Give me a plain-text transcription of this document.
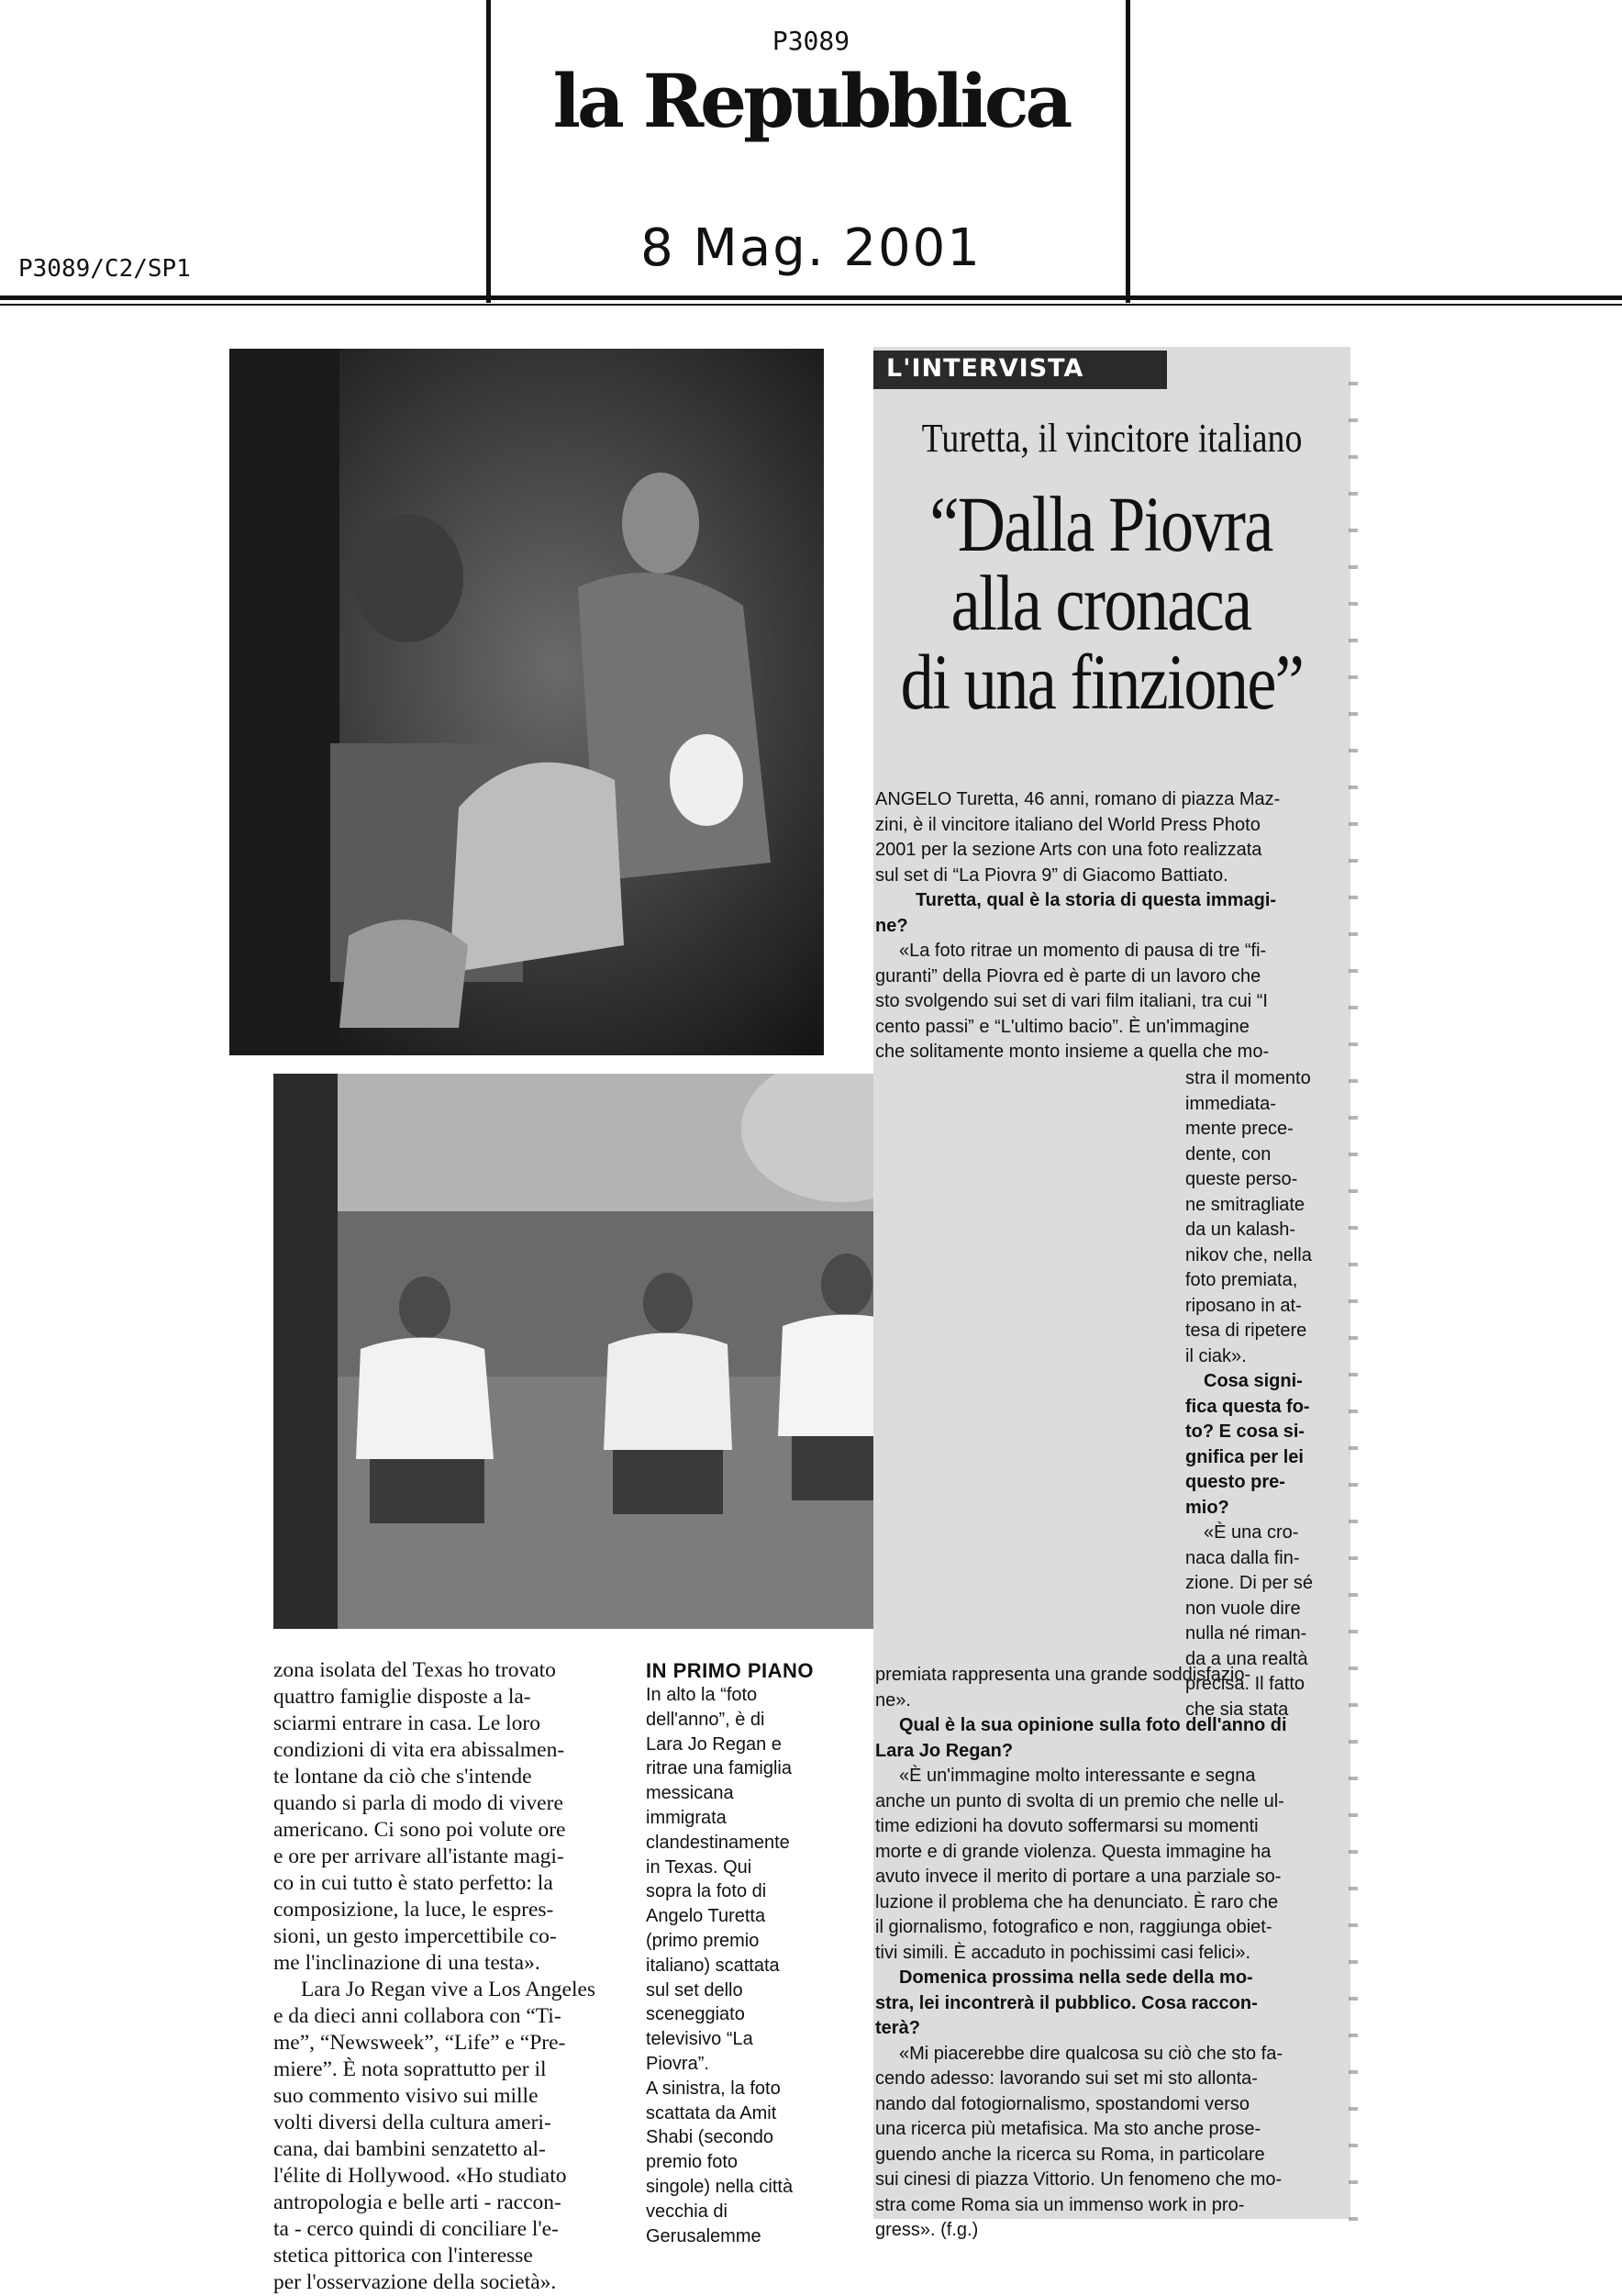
P3089
la Repubblica
P3089/C2/SP1	8 Mag. 2001
L'INTERVISTA
Turetta, il vincitore italiano
“Dalla Piovra
alla cronaca
di una finzione”
ANGELO Turetta, 46 anni, romano di piazza Maz-
zini, è il vincitore italiano del World Press Photo
2001 per la sezione Arts con una foto realizzata
sul set di “La Piovra 9” di Giacomo Battiato.
Turetta, qual è la storia di questa immagi-
ne?
«La foto ritrae un momento di pausa di tre “fi-
guranti” della Piovra ed è parte di un lavoro che
sto svolgendo sui set di vari film italiani, tra cui “I
cento passi” e “L'ultimo bacio”. È un'immagine
che solitamente monto insieme a quella che mo-
stra il momento
immediata-
mente prece-
dente, con
queste perso-
ne smitragliate
da un kalash-
nikov che, nella
foto premiata,
riposano in at-
tesa di ripetere
il ciak».
Cosa signi-
fica questa fo-
to? E cosa si-
gnifica per lei
questo pre-
mio?
«È una cro-
naca dalla fin-
zione. Di per sé
non vuole dire
nulla né riman-
da a una realtà
precisa. Il fatto
che sia stata
premiata rappresenta una grande soddisfazio-
ne».
Qual è la sua opinione sulla foto dell'anno di
Lara Jo Regan?
«È un'immagine molto interessante e segna
anche un punto di svolta di un premio che nelle ul-
time edizioni ha dovuto soffermarsi su momenti
morte e di grande violenza. Questa immagine ha
avuto invece il merito di portare a una parziale so-
luzione il problema che ha denunciato. È raro che
il giornalismo, fotografico e non, raggiunga obiet-
tivi simili. È accaduto in pochissimi casi felici».
Domenica prossima nella sede della mo-
stra, lei incontrerà il pubblico. Cosa raccon-
terà?
«Mi piacerebbe dire qualcosa su ciò che sto fa-
cendo adesso: lavorando sui set mi sto allonta-
nando dal fotogiornalismo, spostandomi verso
una ricerca più metafisica. Ma sto anche prose-
guendo anche la ricerca su Roma, in particolare
sui cinesi di piazza Vittorio. Un fenomeno che mo-
stra come Roma sia un immenso work in pro-
gress». (f.g.)
zona isolata del Texas ho trovato
quattro famiglie disposte a la-
sciarmi entrare in casa. Le loro
condizioni di vita era abissalmen-
te lontane da ciò che s'intende
quando si parla di modo di vivere
americano. Ci sono poi volute ore
e ore per arrivare all'istante magi-
co in cui tutto è stato perfetto: la
composizione, la luce, le espres-
sioni, un gesto impercettibile co-
me l'inclinazione di una testa».
Lara Jo Regan vive a Los Angeles
e da dieci anni collabora con “Ti-
me”, “Newsweek”, “Life” e “Pre-
miere”. È nota soprattutto per il
suo commento visivo sui mille
volti diversi della cultura ameri-
cana, dai bambini senzatetto al-
l'élite di Hollywood. «Ho studiato
antropologia e belle arti - raccon-
ta - cerco quindi di conciliare l'e-
stetica pittorica con l'interesse
per l'osservazione della società».
IN PRIMO PIANO
In alto la “foto
dell'anno”, è di
Lara Jo Regan e
ritrae una famiglia
messicana
immigrata
clandestinamente
in Texas. Qui
sopra la foto di
Angelo Turetta
(primo premio
italiano) scattata
sul set dello
sceneggiato
televisivo “La
Piovra”.
A sinistra, la foto
scattata da Amit
Shabi (secondo
premio foto
singole) nella città
vecchia di
Gerusalemme
